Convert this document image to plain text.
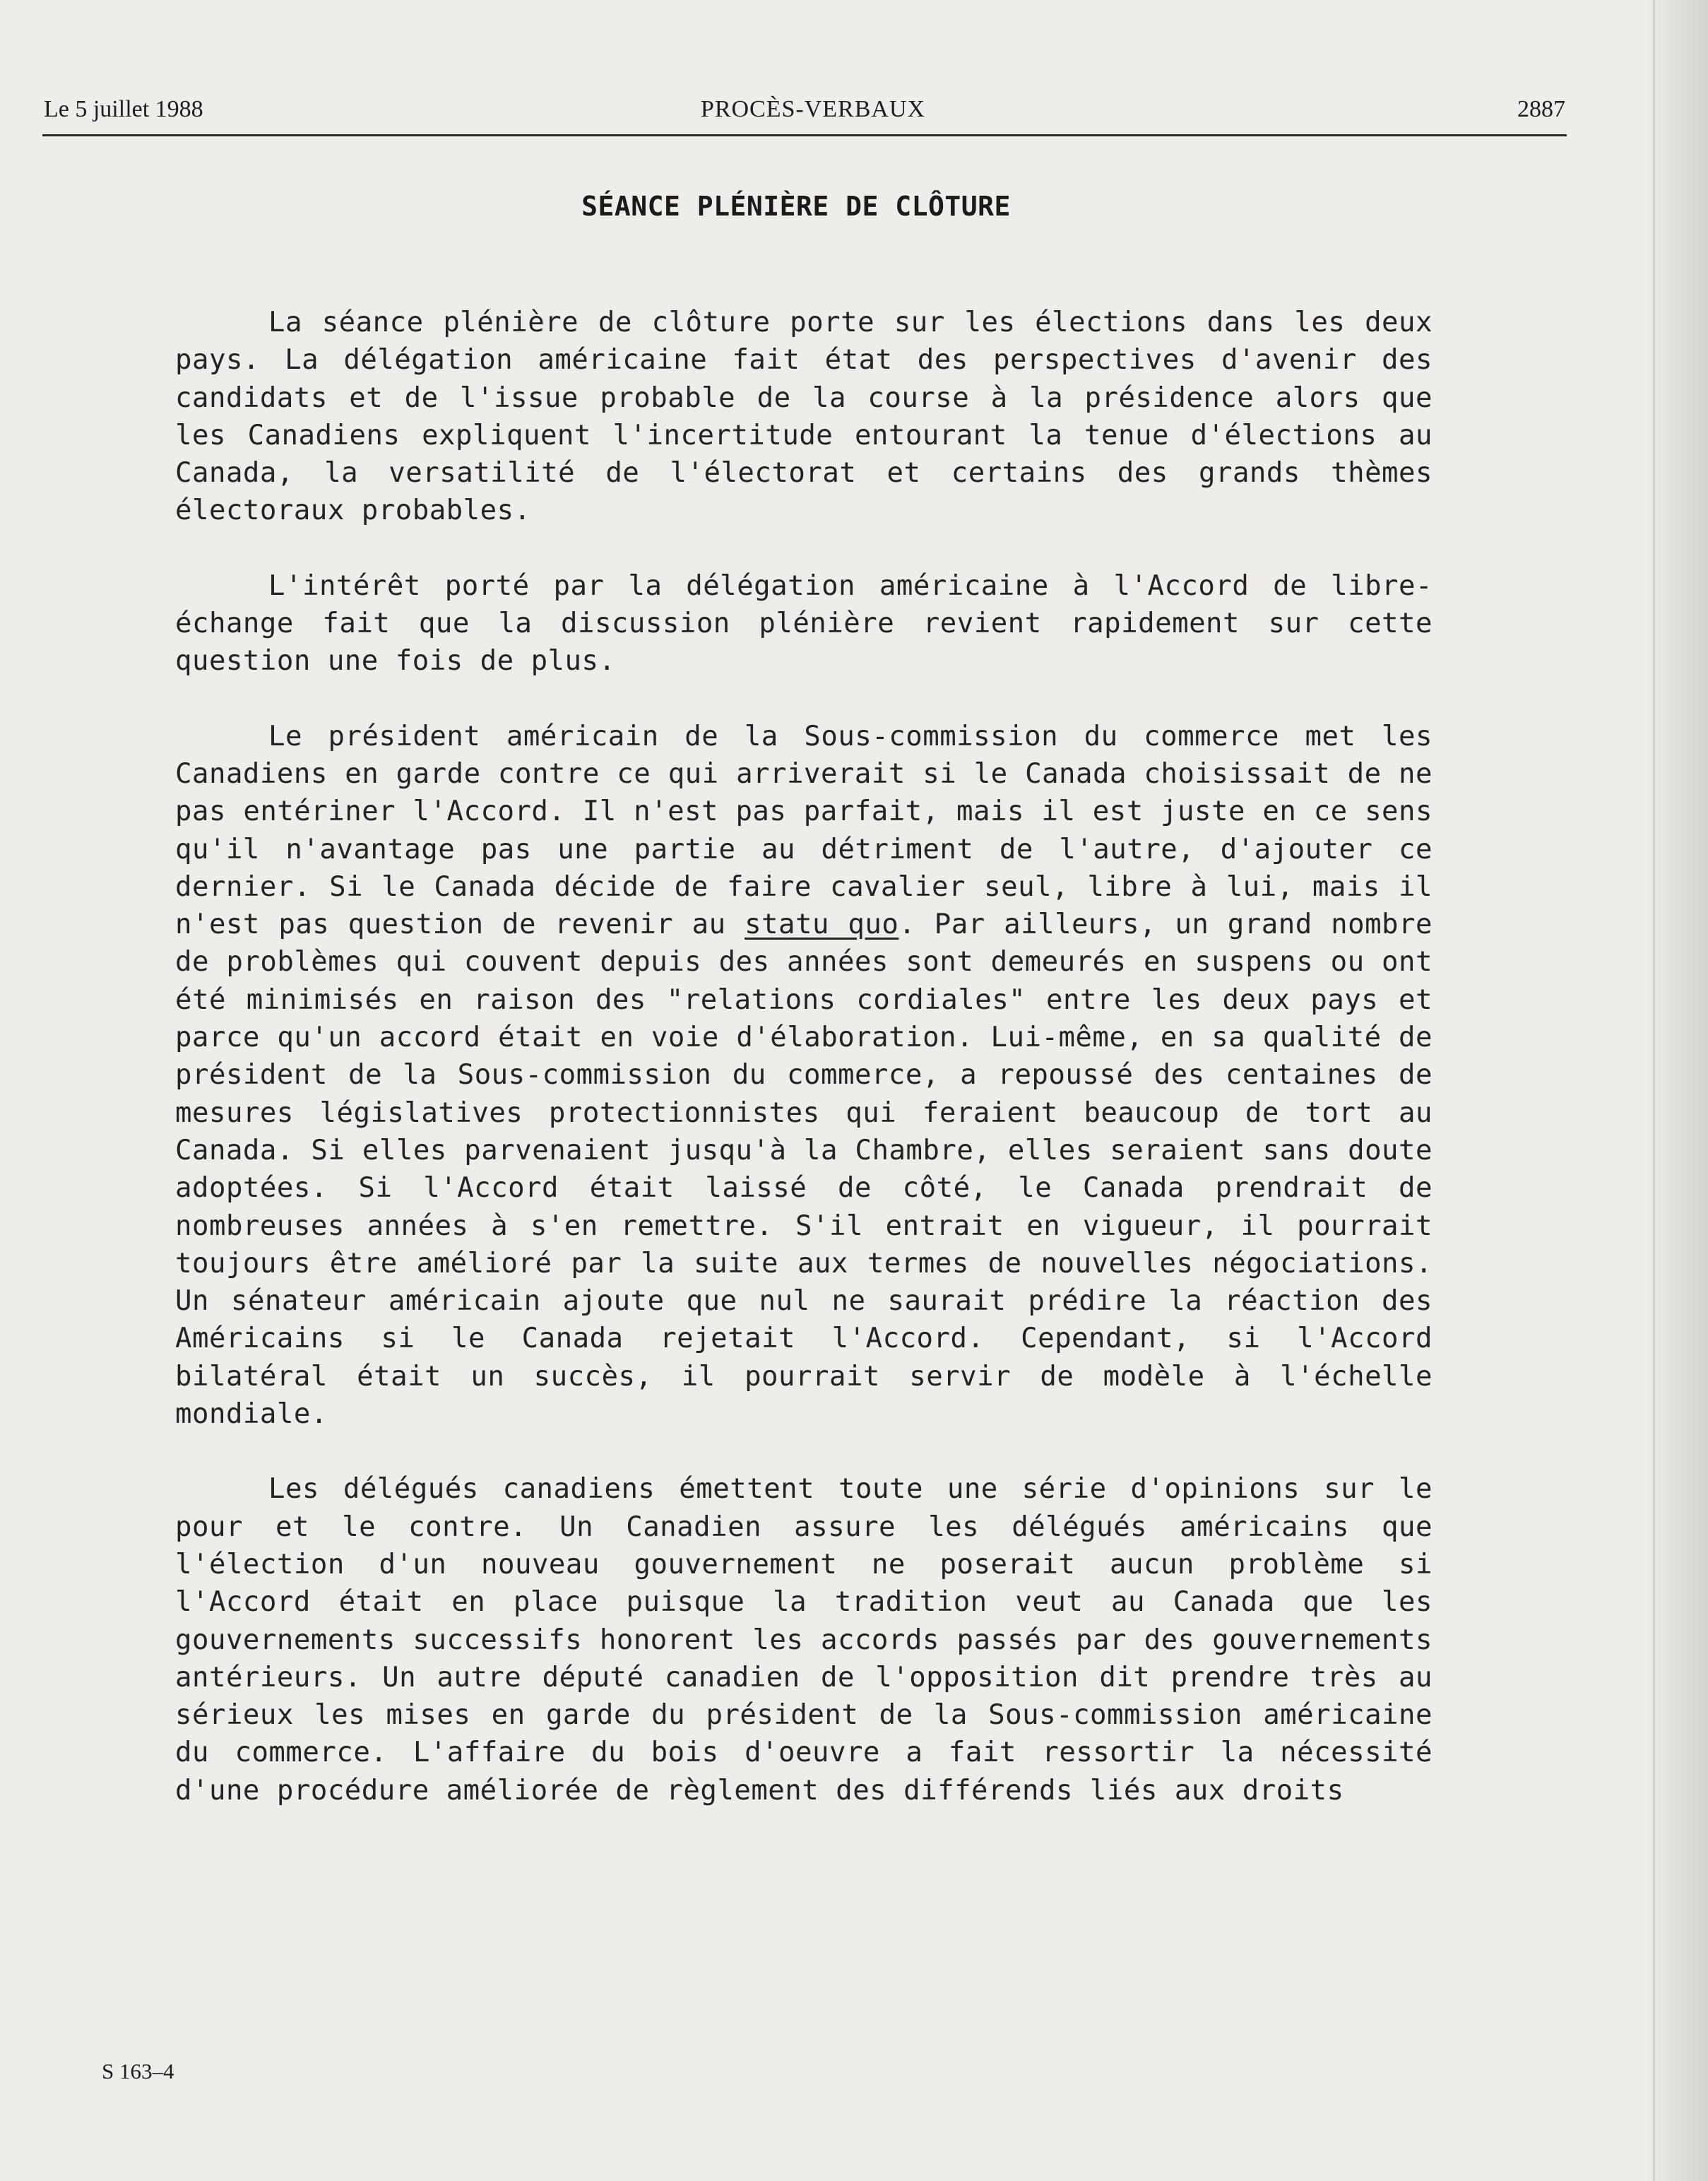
Le 5 juillet 1988	PROCÈS-VERBAUX	2887
SÉANCE PLÉNIÈRE DE CLÔTURE

La séance plénière de clôture porte sur les élections dans les deux pays. La délégation américaine fait état des perspectives d'avenir des candidats et de l'issue probable de la course à la présidence alors que les Canadiens expliquent l'incertitude entourant la tenue d'élections au Canada, la versatilité de l'électorat et certains des grands thèmes électoraux probables.

L'intérêt porté par la délégation américaine à l'Accord de libre-échange fait que la discussion plénière revient rapidement sur cette question une fois de plus.

Le président américain de la Sous-commission du commerce met les Canadiens en garde contre ce qui arriverait si le Canada choisissait de ne pas entériner l'Accord. Il n'est pas parfait, mais il est juste en ce sens qu'il n'avantage pas une partie au détriment de l'autre, d'ajouter ce dernier. Si le Canada décide de faire cavalier seul, libre à lui, mais il n'est pas question de revenir au statu quo. Par ailleurs, un grand nombre de problèmes qui couvent depuis des années sont demeurés en suspens ou ont été minimisés en raison des "relations cordiales" entre les deux pays et parce qu'un accord était en voie d'élaboration. Lui-même, en sa qualité de président de la Sous-commission du commerce, a repoussé des centaines de mesures législatives protectionnistes qui feraient beaucoup de tort au Canada. Si elles parvenaient jusqu'à la Chambre, elles seraient sans doute adoptées. Si l'Accord était laissé de côté, le Canada prendrait de nombreuses années à s'en remettre. S'il entrait en vigueur, il pourrait toujours être amélioré par la suite aux termes de nouvelles négociations. Un sénateur américain ajoute que nul ne saurait prédire la réaction des Américains si le Canada rejetait l'Accord. Cependant, si l'Accord bilatéral était un succès, il pourrait servir de modèle à l'échelle mondiale.

Les délégués canadiens émettent toute une série d'opinions sur le pour et le contre. Un Canadien assure les délégués américains que l'élection d'un nouveau gouvernement ne poserait aucun problème si l'Accord était en place puisque la tradition veut au Canada que les gouvernements successifs honorent les accords passés par des gouvernements antérieurs. Un autre député canadien de l'opposition dit prendre très au sérieux les mises en garde du président de la Sous-commission américaine du commerce. L'affaire du bois d'oeuvre a fait ressortir la nécessité d'une procédure améliorée de règlement des différends liés aux droits

S 163–4
